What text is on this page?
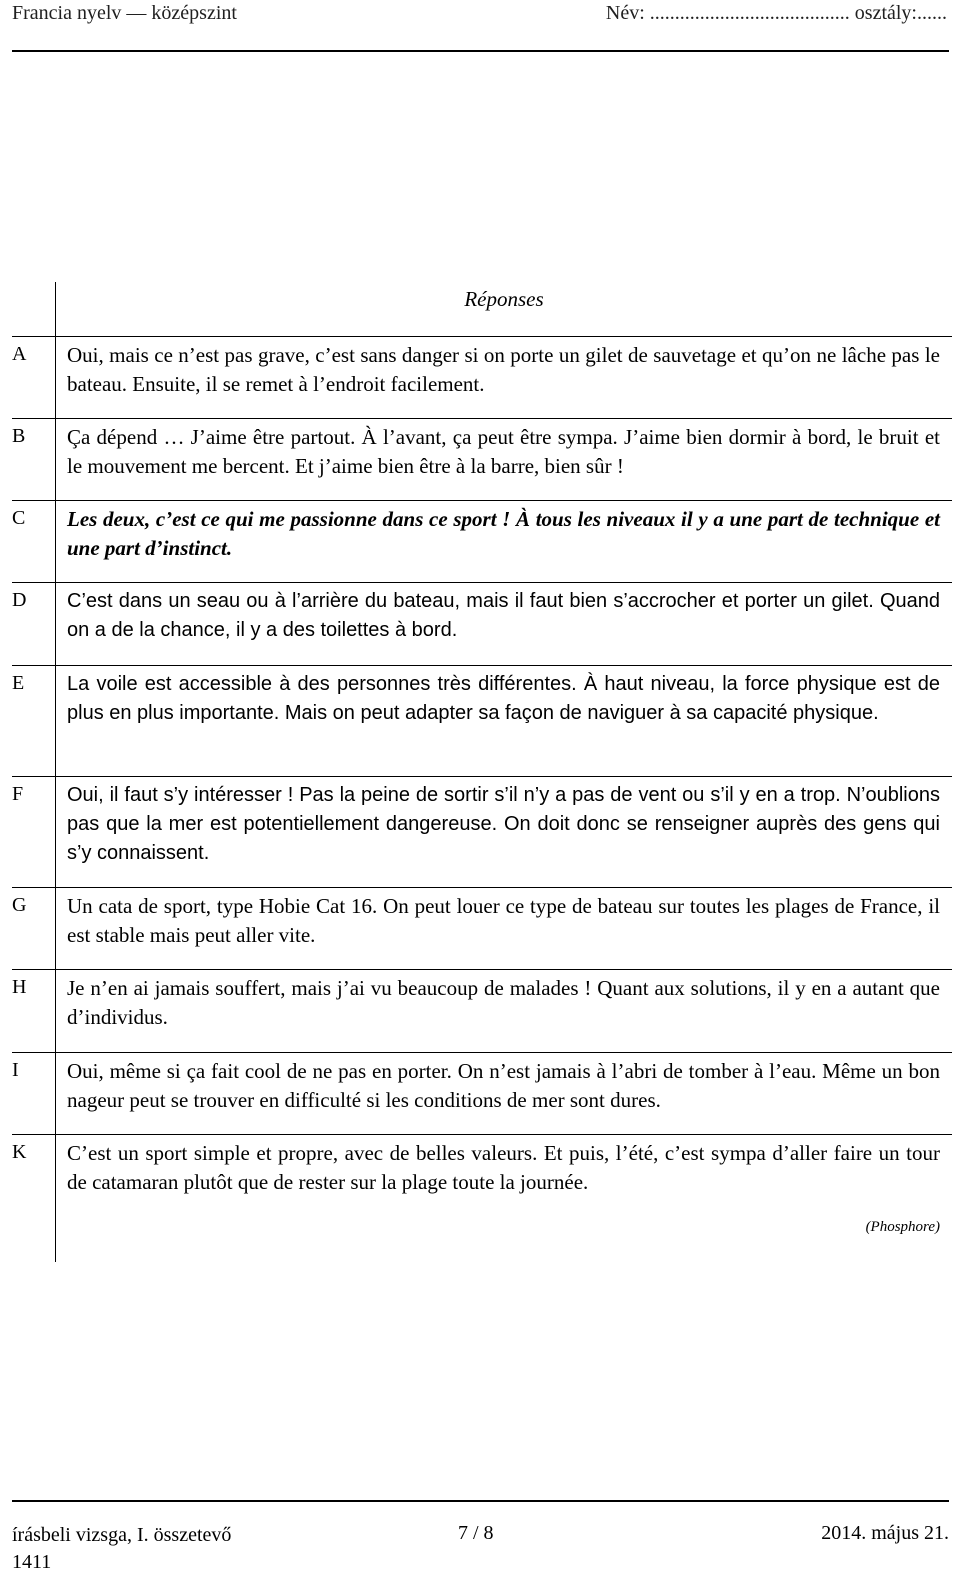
Francia nyelv — középszint	Név: ........................................ osztály:......
Réponses
A	Oui, mais ce n’est pas grave, c’est sans danger si on porte un gilet de sauvetage et qu’on ne lâche pas le bateau. Ensuite, il se remet à l’endroit facilement.
B	Ça dépend … J’aime être partout. À l’avant, ça peut être sympa. J’aime bien dormir à bord, le bruit et le mouvement me bercent. Et j’aime bien être à la barre, bien sûr !
C	Les deux, c’est ce qui me passionne dans ce sport ! À tous les niveaux il y a une part de technique et une part d’instinct.
D	C’est dans un seau ou à l’arrière du bateau, mais il faut bien s’accrocher et porter un gilet. Quand on a de la chance, il y a des toilettes à bord.
E	La voile est accessible à des personnes très différentes. À haut niveau, la force physique est de plus en plus importante. Mais on peut adapter sa façon de naviguer à sa capacité physique.
F	Oui, il faut s’y intéresser ! Pas la peine de sortir s’il n’y a pas de vent ou s’il y en a trop. N’oublions pas que la mer est potentiellement dangereuse. On doit donc se renseigner auprès des gens qui s’y connaissent.
G	Un cata de sport, type Hobie Cat 16. On peut louer ce type de bateau sur toutes les plages de France, il est stable mais peut aller vite.
H	Je n’en ai jamais souffert, mais j’ai vu beaucoup de malades ! Quant aux solutions, il y en a autant que d’individus.
I	Oui, même si ça fait cool de ne pas en porter. On n’est jamais à l’abri de tomber à l’eau. Même un bon nageur peut se trouver en difficulté si les conditions de mer sont dures.
K	C’est un sport simple et propre, avec de belles valeurs. Et puis, l’été, c’est sympa d’aller faire un tour de catamaran plutôt que de rester sur la plage toute la journée.
(Phosphore)
írásbeli vizsga, I. összetevő
1411
7 / 8	2014. május 21.
